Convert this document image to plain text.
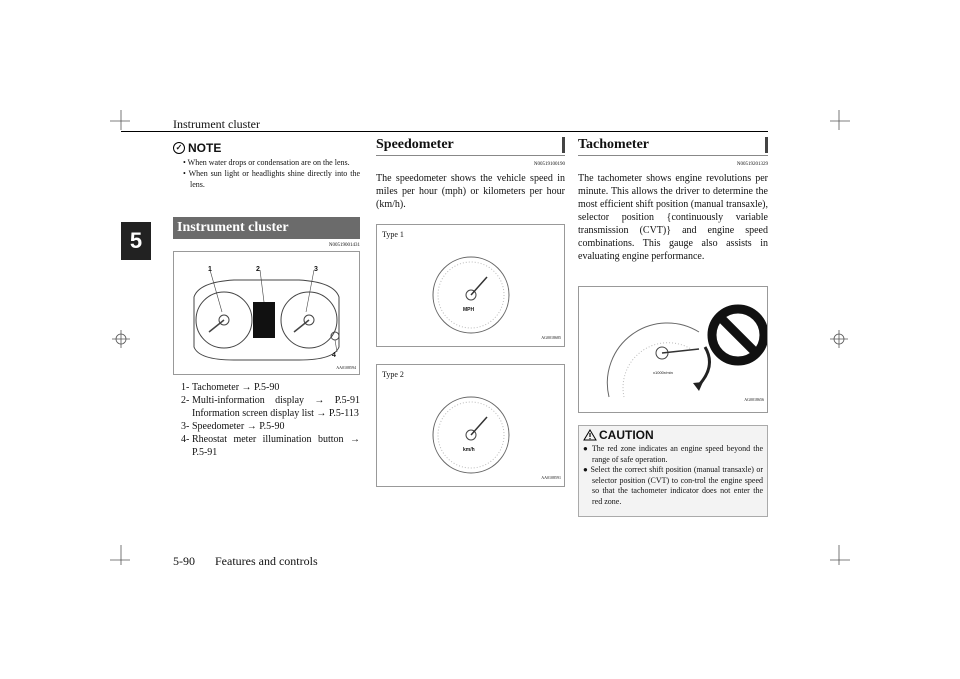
Instrument cluster
5
✓ NOTE
• When water drops or condensation are on the lens.
• When sun light or headlights shine directly into the lens.
Instrument cluster
N00519001431
1	2	3
4
AA0108594
1- Tachometer → P.5-90
2- Multi-information display → P.5-91 Information screen display list → P.5-113
3- Speedometer → P.5-90
4- Rheostat meter illumination button → P.5-91
Speedometer
N00519100190
The speedometer shows the vehicle speed in miles per hour (mph) or kilometers per hour (km/h).
Type 1
MPH
AG0018685
Type 2
km/h
AA0108591
Tachometer
N00519201329
The tachometer shows engine revolutions per minute. This allows the driver to determine the most efficient shift position (manual transaxle), selector position {continuously variable transmission (CVT)} and engine speed combinations. This gauge also assists in evaluating engine performance.
x1000r/min
AG0018656
CAUTION
● The red zone indicates an engine speed beyond the range of safe operation.
● Select the correct shift position (manual transaxle) or selector position (CVT) to con-trol the engine speed so that the tachometer indicator does not enter the red zone.
5-90 Features and controls
